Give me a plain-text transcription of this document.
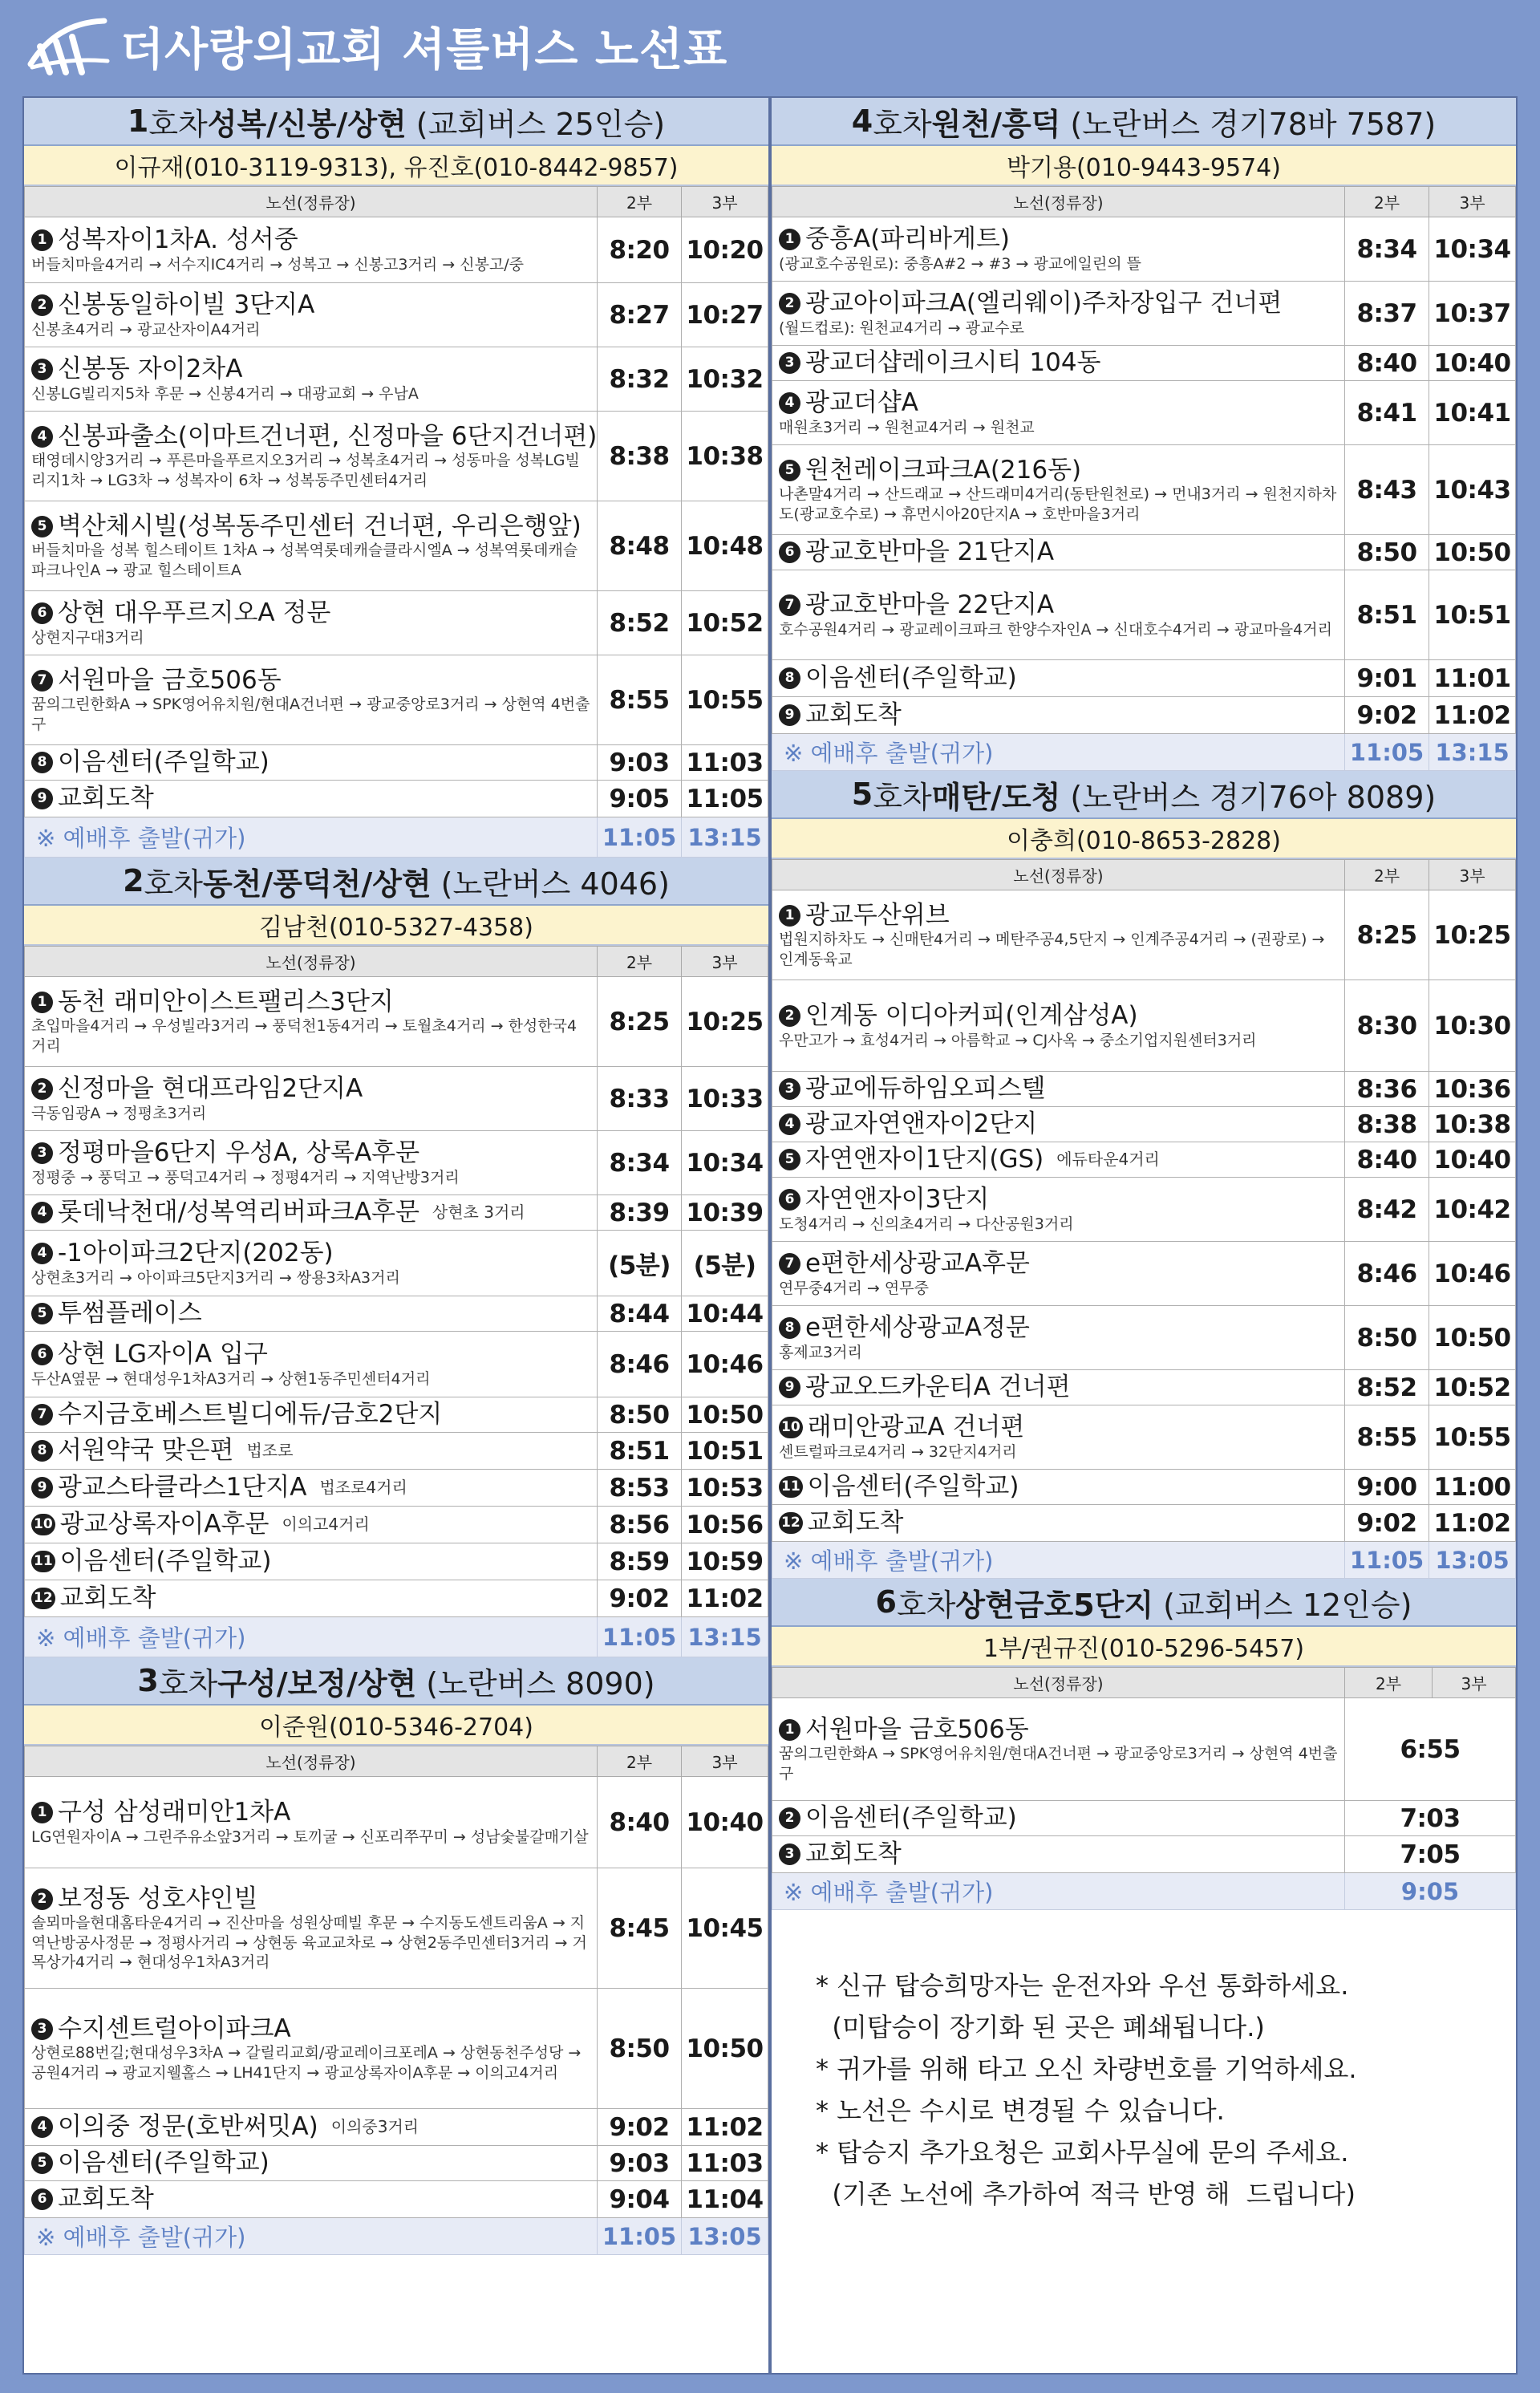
더사랑의교회 셔틀버스 노선표
1 호차 성복/신봉/상현 (교회버스 25인승)
이규재(010-3119-9313), 유진호(010-8442-9857)
노선(정류장)	2부	3부

1 성복자이1차A. 성서중
버들치마을4거리 → 서수지IC4거리 → 성복고 → 신봉고3거리 → 신봉고/중	8:20	10:20

2 신봉동일하이빌 3단지A
신봉초4거리 → 광교산자이A4거리	8:27	10:27

3 신봉동 자이2차A
신봉LG빌리지5차 후문 → 신봉4거리 → 대광교회 → 우남A	8:32	10:32

4 신봉파출소(이마트건너편, 신정마을 6단지건너편)
태영데시앙3거리 → 푸른마을푸르지오3거리 → 성복초4거리 → 성동마을 성복LG빌리지1차 → LG3차 → 성복자이 6차 → 성복동주민센터4거리	8:38	10:38

5 벽산체시빌(성복동주민센터 건너편, 우리은행앞)
버들치마을 성복 힐스테이트 1차A → 성복역롯데캐슬클라시엘A → 성복역롯데캐슬파크나인A → 광교 힐스테이트A	8:48	10:48

6 상현 대우푸르지오A 정문
상현지구대3거리	8:52	10:52

7 서원마을 금호506동
꿈의그린한화A → SPK영어유치원/현대A건너편 → 광교중앙로3거리 → 상현역 4번출구	8:55	10:55

8 이음센터(주일학교)	9:03	11:03

9 교회도착	9:05	11:05
※ 예배후 출발(귀가)	11:05	13:15
2 호차 동천/풍덕천/상현 (노란버스 4046)
김남천(010-5327-4358)
노선(정류장)	2부	3부

1 동천 래미안이스트팰리스3단지
초입마을4거리 → 우성빌라3거리 → 풍덕천1동4거리 → 토월초4거리 → 한성한국4거리	8:25	10:25

2 신정마을 현대프라임2단지A
극동임광A → 정평초3거리	8:33	10:33

3 정평마을6단지 우성A, 상록A후문
정평중 → 풍덕고 → 풍덕고4거리 → 정평4거리 → 지역난방3거리	8:34	10:34

4 롯데낙천대/성복역리버파크A후문 상현초 3거리	8:39	10:39

4 -1 아이파크2단지(202동)
상현초3거리 → 아이파크5단지3거리 → 쌍용3차A3거리	(5분)	(5분)

5 투썸플레이스	8:44	10:44

6 상현 LG자이A 입구
두산A옆문 → 현대성우1차A3거리 → 상현1동주민센터4거리	8:46	10:46

7 수지금호베스트빌디에듀/금호2단지	8:50	10:50

8 서원약국 맞은편 법조로	8:51	10:51

9 광교스타클라스1단지A 법조로4거리	8:53	10:53

10 광교상록자이A후문 이의고4거리	8:56	10:56

11 이음센터(주일학교)	8:59	10:59

12 교회도착	9:02	11:02
※ 예배후 출발(귀가)	11:05	13:15
3 호차 구성/보정/상현 (노란버스 8090)
이준원(010-5346-2704)
노선(정류장)	2부	3부

1 구성 삼성래미안1차A
LG연원자이A → 그린주유소앞3거리 → 토끼굴 → 신포리쭈꾸미 → 성남숯불갈매기살	8:40	10:40

2 보정동 성호샤인빌
솔뫼마을현대홈타운4거리 → 진산마을 성원상떼빌 후문 → 수지동도센트리움A → 지역난방공사정문 → 정평사거리 → 상현동 육교교차로 → 상현2동주민센터3거리 → 거목상가4거리 → 현대성우1차A3거리	8:45	10:45

3 수지센트럴아이파크A
상현로88번길;현대성우3차A → 갈릴리교회/광교레이크포레A → 상현동천주성당 → 공원4거리 → 광교지웰홀스 → LH41단지 → 광교상록자이A후문 → 이의고4거리	8:50	10:50

4 이의중 정문(호반써밋A) 이의중3거리	9:02	11:02

5 이음센터(주일학교)	9:03	11:03

6 교회도착	9:04	11:04
※ 예배후 출발(귀가)	11:05	13:05
4 호차 원천/흥덕 (노란버스 경기78바 7587)
박기용(010-9443-9574)
노선(정류장)	2부	3부

1 중흥A(파리바게트)
(광교호수공원로): 중흥A#2 → #3 → 광교에일린의 뜰	8:34	10:34

2 광교아이파크A(엘리웨이)주차장입구 건너편
(월드컵로): 원천교4거리 → 광교수로	8:37	10:37

3 광교더샵레이크시티 104동	8:40	10:40

4 광교더샵A
매원초3거리 → 원천교4거리 → 원천교	8:41	10:41

5 원천레이크파크A(216동)
나촌말4거리 → 산드래교 → 산드래미4거리(동탄원천로) → 먼내3거리 → 원천지하차도(광교호수로) → 휴먼시아20단지A → 호반마을3거리	8:43	10:43

6 광교호반마을 21단지A	8:50	10:50

7 광교호반마을 22단지A
호수공원4거리 → 광교레이크파크 한양수자인A → 신대호수4거리 → 광교마을4거리	8:51	10:51

8 이음센터(주일학교)	9:01	11:01

9 교회도착	9:02	11:02
※ 예배후 출발(귀가)	11:05	13:15
5 호차 매탄/도청 (노란버스 경기76아 8089)
이충희(010-8653-2828)
노선(정류장)	2부	3부

1 광교두산위브
법원지하차도 → 신매탄4거리 → 메탄주공4,5단지 → 인계주공4거리 → (권광로) → 인계동육교	8:25	10:25

2 인계동 이디아커피(인계삼성A)
우만고가 → 효성4거리 → 아름학교 → CJ사옥 → 중소기업지원센터3거리	8:30	10:30

3 광교에듀하임오피스텔	8:36	10:36

4 광교자연앤자이2단지	8:38	10:38

5 자연앤자이1단지(GS) 에듀타운4거리	8:40	10:40

6 자연앤자이3단지
도청4거리 → 신의초4거리 → 다산공원3거리	8:42	10:42

7 e편한세상광교A후문
연무중4거리 → 연무중	8:46	10:46

8 e편한세상광교A정문
홍제교3거리	8:50	10:50

9 광교오드카운티A 건너편	8:52	10:52

10 래미안광교A 건너편
센트럴파크로4거리 → 32단지4거리	8:55	10:55

11 이음센터(주일학교)	9:00	11:00

12 교회도착	9:02	11:02
※ 예배후 출발(귀가)	11:05	13:05
6 호차 상현금호5단지 (교회버스 12인승)
1부/권규진(010-5296-5457)
노선(정류장)	2부	3부

1 서원마을 금호506동
꿈의그린한화A → SPK영어유치원/현대A건너편 → 광교중앙로3거리 → 상현역 4번출구	6:55	

2 이음센터(주일학교)	7:03	

3 교회도착	7:05	
※ 예배후 출발(귀가)	9:05	
* 신규 탑승희망자는 운전자와 우선 통화하세요.
(미탑승이 장기화 된 곳은 폐쇄됩니다.)
* 귀가를 위해 타고 오신 차량번호를 기억하세요.
* 노선은 수시로 변경될 수 있습니다.
* 탑승지 추가요청은 교회사무실에 문의 주세요.
(기존 노선에 추가하여 적극 반영 해  드립니다)
